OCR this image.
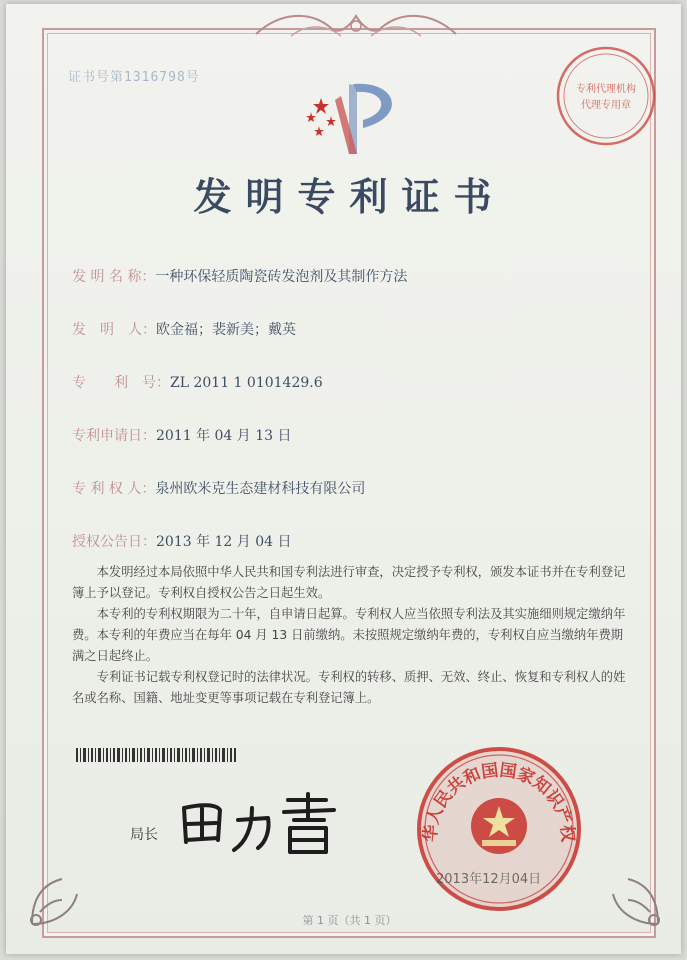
证书号第1316798号
专利代理机构
代理专用章
发明专利证书
发 明 名 称：一种环保轻质陶瓷砖发泡剂及其制作方法
发　明　人：欧金福；裴新美；戴英
专　　利　号：ZL 2011 1 0101429.6
专利申请日：2011 年 04 月 13 日
专 利 权 人：泉州欧米克生态建材科技有限公司
授权公告日：2013 年 12 月 04 日

本发明经过本局依照中华人民共和国专利法进行审查，决定授予专利权，颁发本证书并在专利登记簿上予以登记。专利权自授权公告之日起生效。

本专利的专利权期限为二十年，自申请日起算。专利权人应当依照专利法及其实施细则规定缴纳年费。本专利的年费应当在每年 04 月 13 日前缴纳。未按照规定缴纳年费的，专利权自应当缴纳年费期满之日起终止。

专利证书记载专利权登记时的法律状况。专利权的转移、质押、无效、终止、恢复和专利权人的姓名或名称、国籍、地址变更等事项记载在专利登记簿上。

局长	华人民共和国国家知识产权
2013年12月04日
第 1 页（共 1 页）
